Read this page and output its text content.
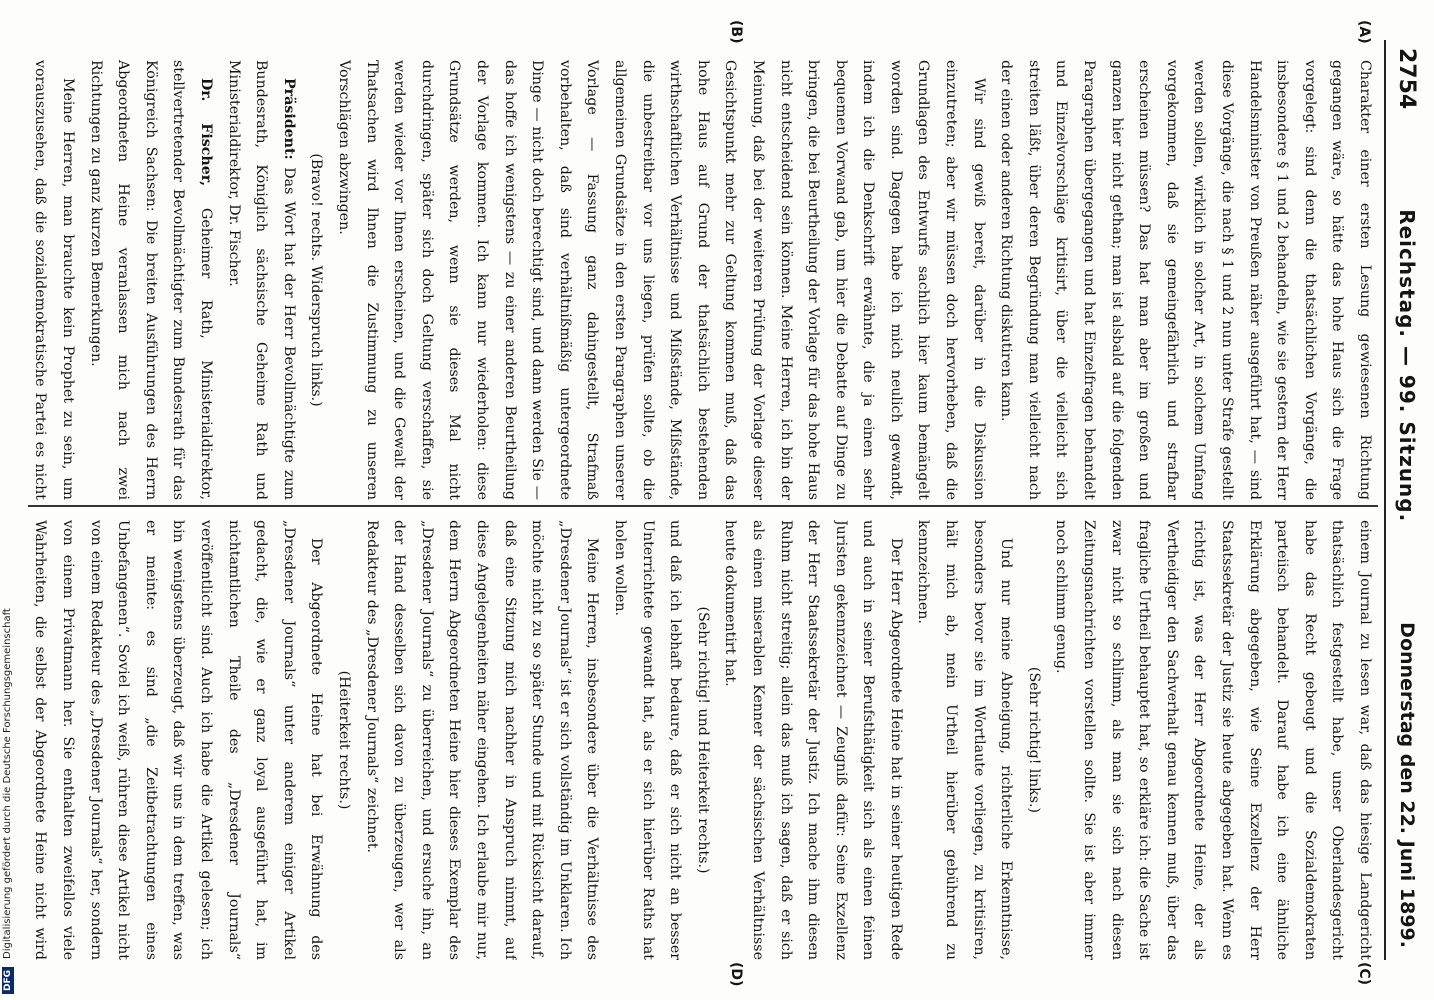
2754
Reichstag. — 99. Sitzung.
Donnerstag den 22. Juni 1899.
(A)
(B)
(C)
(D)

Charakter einer ersten Lesung gewiesenen Richtung gegangen wäre, so hätte das hohe Haus sich die Frage vorgelegt: sind denn die thatsächlichen Vorgänge, die insbesondere § 1 und 2 behandeln, wie sie gestern der Herr Handelsminister von Preußen näher ausgeführt hat, — sind diese Vorgänge, die nach § 1 und 2 nun unter Strafe gestellt werden sollen, wirklich in solcher Art, in solchem Umfang vorgekommen, daß sie gemeingefährlich und strafbar erscheinen müssen? Das hat man aber im großen und ganzen hier nicht gethan; man ist alsbald auf die folgenden Paragraphen übergegangen und hat Einzelfragen behandelt und Einzelvorschläge kritisirt, über die vielleicht sich streiten läßt, über deren Begründung man vielleicht nach der einen oder anderen Richtung diskutiren kann.

Wir sind gewiß bereit, darüber in die Diskussion einzutreten; aber wir müssen doch hervorheben, daß die Grundlagen des Entwurfs sachlich hier kaum bemängelt worden sind. Dagegen habe ich mich neulich gewandt, indem ich die Denkschrift erwähnte, die ja einen sehr bequemen Vorwand gab, um hier die Debatte auf Dinge zu bringen, die bei Beurtheilung der Vorlage für das hohe Haus nicht entscheidend sein können. Meine Herren, ich bin der Meinung, daß bei der weiteren Prüfung der Vorlage dieser Gesichtspunkt mehr zur Geltung kommen muß, daß das hohe Haus auf Grund der thatsächlich bestehenden wirthschaftlichen Verhältnisse und Mißstände, Mißstände, die unbestreitbar vor uns liegen, prüfen sollte, ob die allgemeinen Grundsätze in den ersten Paragraphen unserer Vorlage — Fassung ganz dahingestellt, Strafmaß vorbehalten, daß sind verhältnißmäßig untergeordnete Dinge — nicht doch berechtigt sind, und dann werden Sie — das hoffe ich wenigstens — zu einer anderen Beurtheilung der Vorlage kommen. Ich kann nur wiederholen: diese Grundsätze werden, wenn sie dieses Mal nicht durchdringen, später sich doch Geltung verschaffen, sie werden wieder vor Ihnen erscheinen, und die Gewalt der Thatsachen wird Ihnen die Zustimmung zu unseren Vorschlägen abzwingen.

(Bravo! rechts. Widerspruch links.)

Präsident: Das Wort hat der Herr Bevollmächtigte zum Bundesrath, Königlich sächsische Geheime Rath und Ministerialdirektor, Dr. Fischer.

Dr. Fischer, Geheimer Rath, Ministerialdirektor, stellvertretender Bevollmächtigter zum Bundesrath für das Königreich Sachsen: Die breiten Ausführungen des Herrn Abgeordneten Heine veranlassen mich nach zwei Richtungen zu ganz kurzen Bemerkungen.

Meine Herren, man brauchte kein Prophet zu sein, um vorauszusehen, daß die sozialdemokratische Partei es nicht

einem Journal zu lesen war, daß das hiesige Landgericht thatsächlich festgestellt habe, unser Oberlandesgericht habe das Recht gebeugt und die Sozialdemokraten parteiisch behandelt. Darauf habe ich eine ähnliche Erklärung abgegeben, wie Seine Exzellenz der Herr Staatssekretär der Justiz sie heute abgegeben hat. Wenn es richtig ist, was der Herr Abgeordnete Heine, der als Vertheidiger den Sachverhalt genau kennen muß, über das fragliche Urtheil behauptet hat, so erkläre ich: die Sache ist zwar nicht so schlimm, als man sie sich nach diesen Zeitungsnachrichten vorstellen sollte. Sie ist aber immer noch schlimm genug.

(Sehr richtig! links.)

Und nur meine Abneigung, richterliche Erkenntnisse, besonders bevor sie im Wortlaute vorliegen, zu kritisiren, hält mich ab, mein Urtheil hierüber gebührend zu kennzeichnen.

Der Herr Abgeordnete Heine hat in seiner heutigen Rede und auch in seiner Berufsthätigkeit sich als einen feinen Juristen gekennzeichnet — Zeugniß dafür: Seine Exzellenz der Herr Staatssekretär der Justiz. Ich mache ihm diesen Ruhm nicht streitig; allein das muß ich sagen, daß er sich als einen miserablen Kenner der sächsischen Verhältnisse heute dokumentirt hat.

(Sehr richtig! und Heiterkeit rechts.)

und daß ich lebhaft bedaure, daß er sich nicht an besser Unterrichtete gewandt hat, als er sich hierüber Raths hat holen wollen.

Meine Herren, insbesondere über die Verhältnisse des „Dresdener Journals“ ist er sich vollständig im Unklaren. Ich möchte nicht zu so später Stunde und mit Rücksicht darauf, daß eine Sitzung mich nachher in Anspruch nimmt, auf diese Angelegenheiten näher eingehen. Ich erlaube mir nur, dem Herrn Abgeordneten Heine hier dieses Exemplar des „Dresdener Journals“ zu überreichen, und ersuche ihn, an der Hand desselben sich davon zu überzeugen, wer als Redakteur des „Dresdener Journals“ zeichnet.

(Heiterkeit rechts.)

Der Abgeordnete Heine hat bei Erwähnung des „Dresdener Journals“ unter anderem einiger Artikel gedacht, die, wie er ganz loyal ausgeführt hat, im nichtamtlichen Theile des „Dresdener Journals“ veröffentlicht sind. Auch ich habe die Artikel gelesen; ich bin wenigstens überzeugt, daß wir uns in dem treffen, was er meinte: es sind „die Zeitbetrachtungen eines Unbefangenen“. Soviel ich weiß, rühren diese Artikel nicht von einem Redakteur des „Dresdener Journals“ her, sondern von einem Privatmann her. Sie enthalten zweifellos viele Wahrheiten, die selbst der Abgeordnete Heine nicht wird

DFG
Digitalisierung gefördert durch die Deutsche Forschungsgemeinschaft
